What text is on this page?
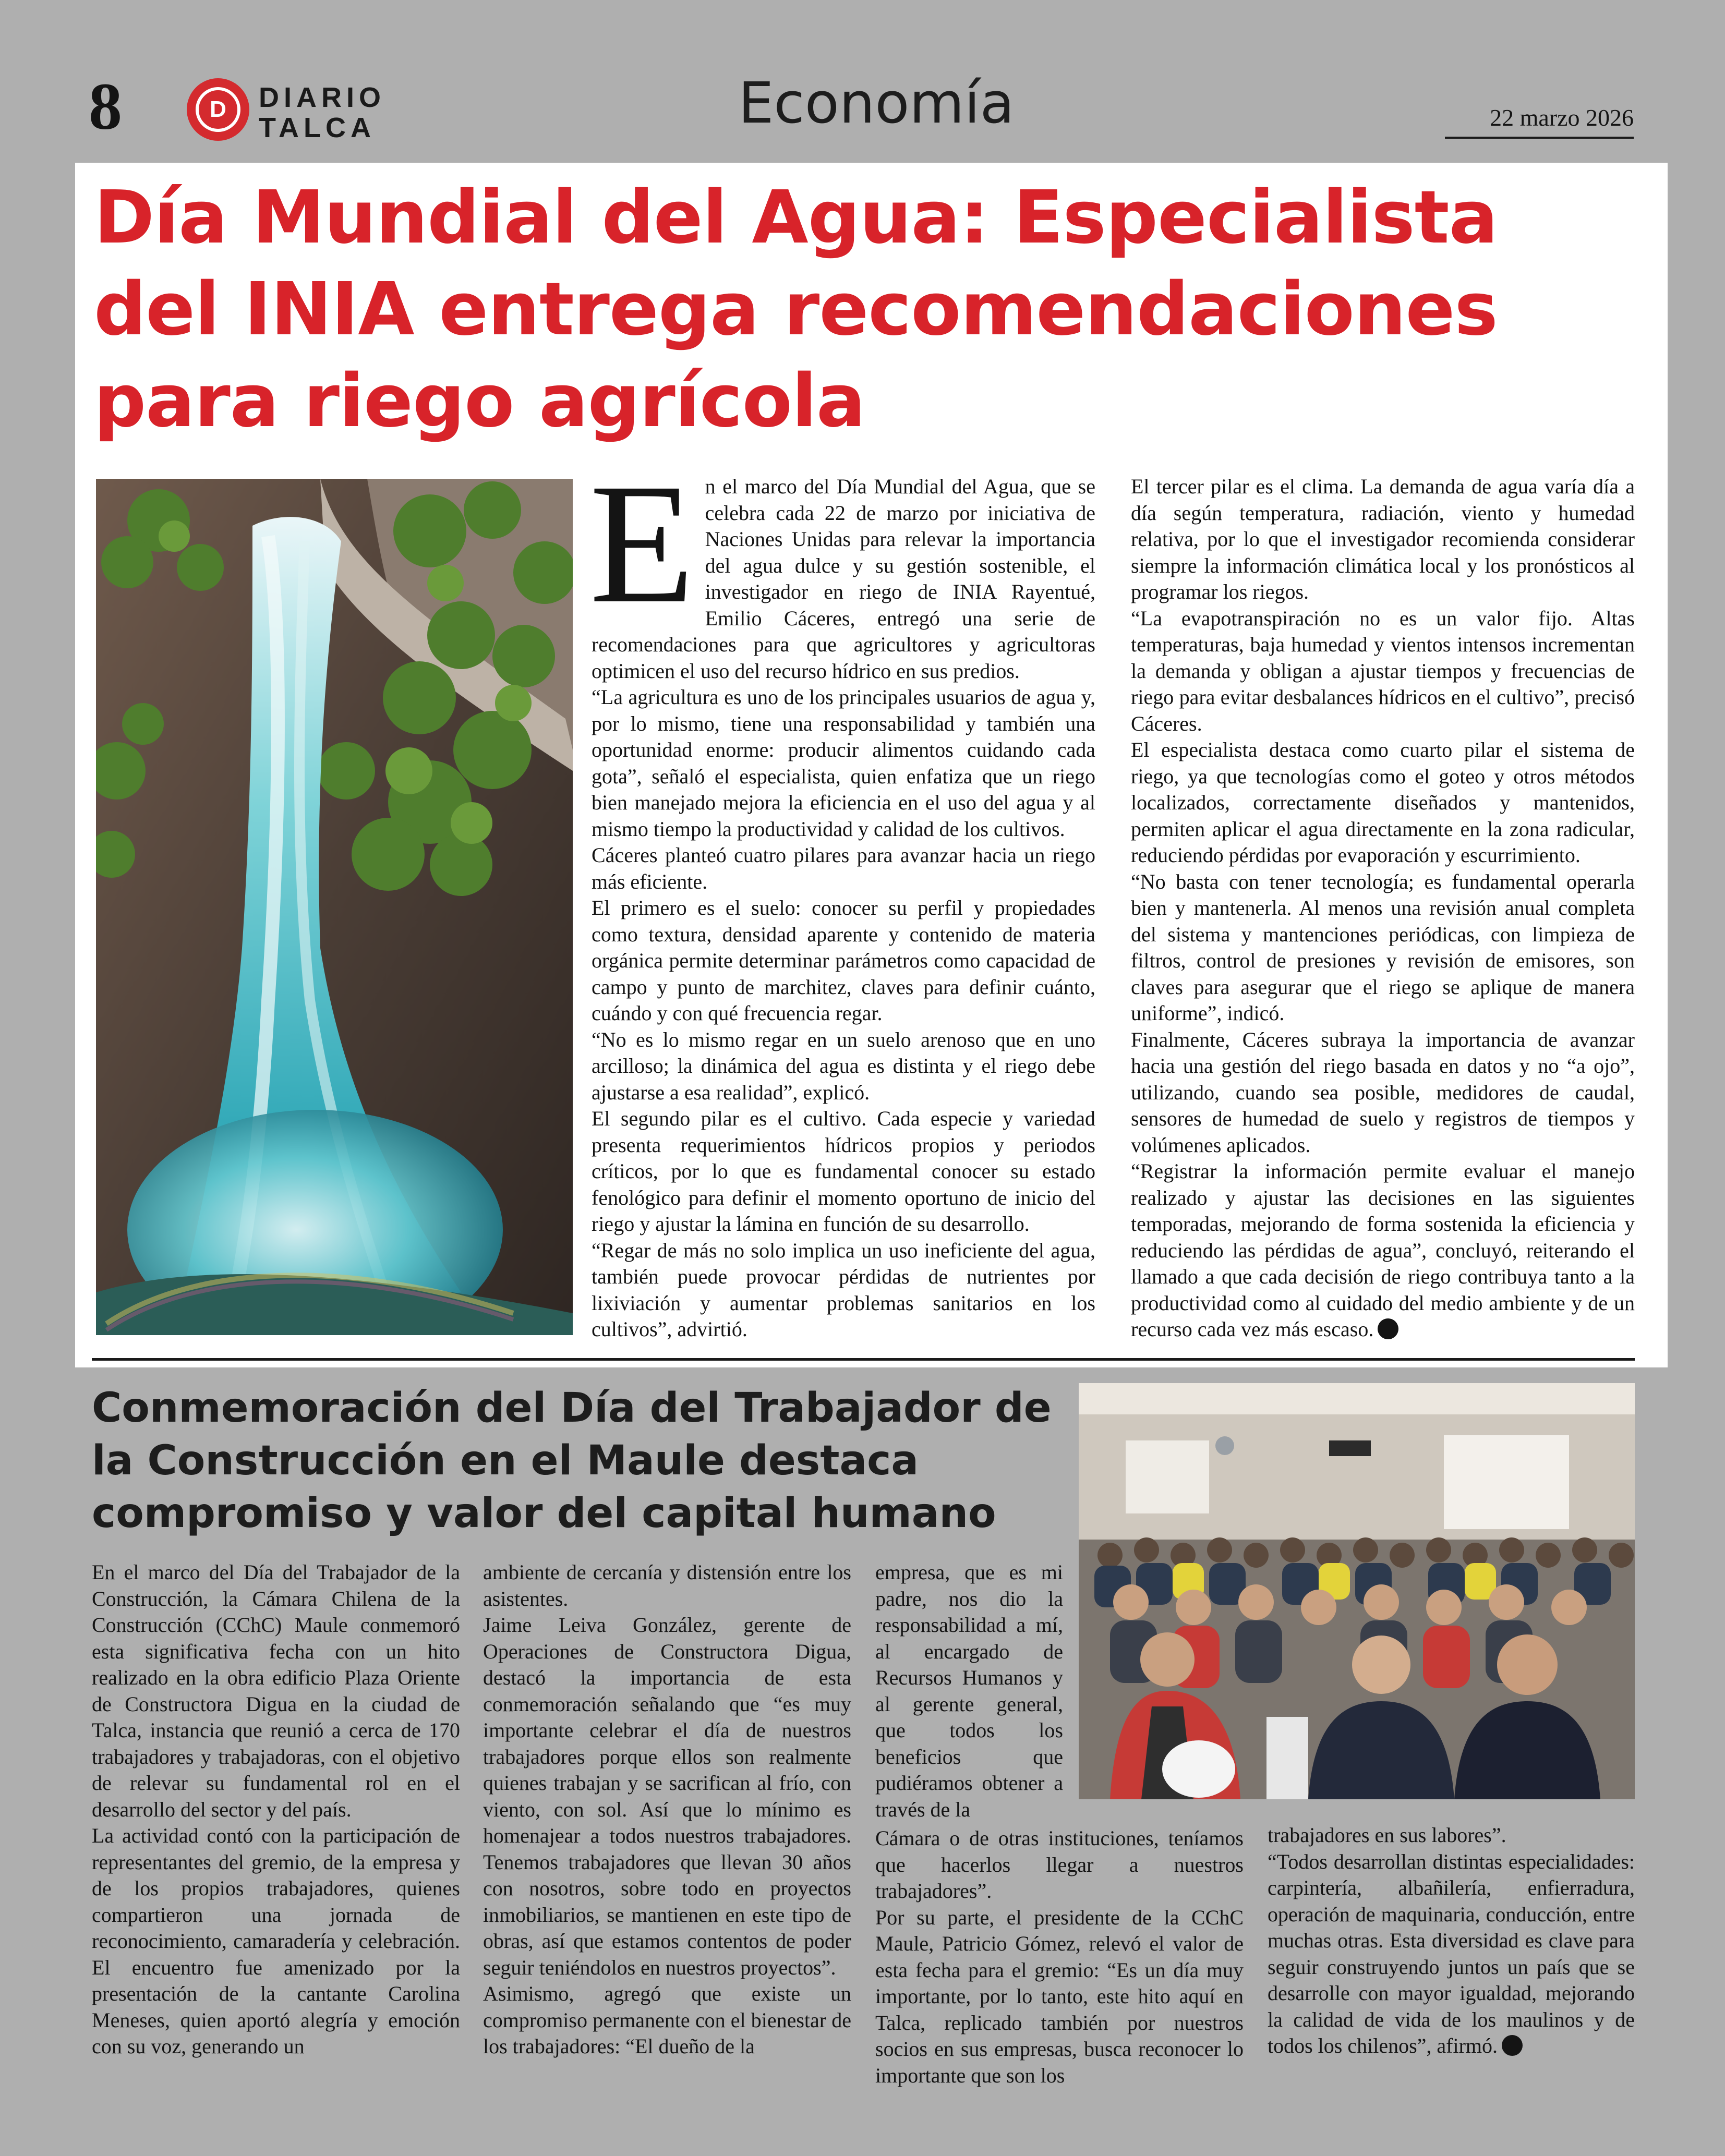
8	D	DIARIO
TALCA	Economía	22 marzo 2026
Día Mundial del Agua: Especialista del INIA entrega recomendaciones para riego agrícola

En el marco del Día Mundial del Agua, que se celebra cada 22 de marzo por iniciativa de Naciones Unidas para relevar la importancia del agua dulce y su gestión sostenible, el investigador en riego de INIA Rayentué, Emilio Cáceres, entregó una serie de recomendaciones para que agricultores y agricultoras optimicen el uso del recurso hídrico en sus predios.

“La agricultura es uno de los principales usuarios de agua y, por lo mismo, tiene una responsabilidad y también una oportunidad enorme: producir alimentos cuidando cada gota”, señaló el especialista, quien enfatiza que un riego bien manejado mejora la eficiencia en el uso del agua y al mismo tiempo la productividad y calidad de los cultivos.

Cáceres planteó cuatro pilares para avanzar hacia un riego más eficiente.

El primero es el suelo: conocer su perfil y propiedades como textura, densidad aparente y contenido de materia orgánica permite determinar parámetros como capacidad de campo y punto de marchitez, claves para definir cuánto, cuándo y con qué frecuencia regar.

“No es lo mismo regar en un suelo arenoso que en uno arcilloso; la dinámica del agua es distinta y el riego debe ajustarse a esa realidad”, explicó.

El segundo pilar es el cultivo. Cada especie y variedad presenta requerimientos hídricos propios y periodos críticos, por lo que es fundamental conocer su estado fenológico para definir el momento oportuno de inicio del riego y ajustar la lámina en función de su desarrollo.

“Regar de más no solo implica un uso ineficiente del agua, también puede provocar pérdidas de nutrientes por lixiviación y aumentar problemas sanitarios en los cultivos”, advirtió.

El tercer pilar es el clima. La demanda de agua varía día a día según temperatura, radiación, viento y humedad relativa, por lo que el investigador recomienda considerar siempre la información climática local y los pronósticos al programar los riegos.

“La evapotranspiración no es un valor fijo. Altas temperaturas, baja humedad y vientos intensos incrementan la demanda y obligan a ajustar tiempos y frecuencias de riego para evitar desbalances hídricos en el cultivo”, precisó Cáceres.

El especialista destaca como cuarto pilar el sistema de riego, ya que tecnologías como el goteo y otros métodos localizados, correctamente diseñados y mantenidos, permiten aplicar el agua directamente en la zona radicular, reduciendo pérdidas por evaporación y escurrimiento.

“No basta con tener tecnología; es fundamental operarla bien y mantenerla. Al menos una revisión anual completa del sistema y mantenciones periódicas, con limpieza de filtros, control de presiones y revisión de emisores, son claves para asegurar que el riego se aplique de manera uniforme”, indicó.

Finalmente, Cáceres subraya la importancia de avanzar hacia una gestión del riego basada en datos y no “a ojo”, utilizando, cuando sea posible, medidores de caudal, sensores de humedad de suelo y registros de tiempos y volúmenes aplicados.

“Registrar la información permite evaluar el manejo realizado y ajustar las decisiones en las siguientes temporadas, mejorando de forma sostenida la eficiencia y reduciendo las pérdidas de agua”, concluyó, reiterando el llamado a que cada decisión de riego contribuya tanto a la productividad como al cuidado del medio ambiente y de un recurso cada vez más escaso.

Conmemoración del Día del Trabajador de la Construcción en el Maule destaca compromiso y valor del capital humano

En el marco del Día del Trabajador de la Construcción, la Cámara Chilena de la Construcción (CChC) Maule conmemoró esta significativa fecha con un hito realizado en la obra edificio Plaza Oriente de Constructora Digua en la ciudad de Talca, instancia que reunió a cerca de 170 trabajadores y trabajadoras, con el objetivo de relevar su fundamental rol en el desarrollo del sector y del país.

La actividad contó con la participación de representantes del gremio, de la empresa y de los propios trabajadores, quienes compartieron una jornada de reconocimiento, camaradería y celebración. El encuentro fue amenizado por la presentación de la cantante Carolina Meneses, quien aportó alegría y emoción con su voz, generando un

ambiente de cercanía y distensión entre los asistentes.

Jaime Leiva González, gerente de Operaciones de Constructora Digua, destacó la importancia de esta conmemoración señalando que “es muy importante celebrar el día de nuestros trabajadores porque ellos son realmente quienes trabajan y se sacrifican al frío, con viento, con sol. Así que lo mínimo es homenajear a todos nuestros trabajadores. Tenemos trabajadores que llevan 30 años con nosotros, sobre todo en proyectos inmobiliarios, se mantienen en este tipo de obras, así que estamos contentos de poder seguir teniéndolos en nuestros proyectos”.

Asimismo, agregó que existe un compromiso permanente con el bienestar de los trabajadores: “El dueño de la

empresa, que es mi padre, nos dio la responsabilidad a mí, al encargado de Recursos Humanos y al gerente general, que todos los beneficios que pudiéramos obtener a través de la

Cámara o de otras instituciones, teníamos que hacerlos llegar a nuestros trabajadores”.

Por su parte, el presidente de la CChC Maule, Patricio Gómez, relevó el valor de esta fecha para el gremio: “Es un día muy importante, por lo tanto, este hito aquí en Talca, replicado también por nuestros socios en sus empresas, busca reconocer lo importante que son los

trabajadores en sus labores”.

“Todos desarrollan distintas especialidades: carpintería, albañilería, enfierradura, operación de maquinaria, conducción, entre muchas otras. Esta diversidad es clave para seguir construyendo juntos un país que se desarrolle con mayor igualdad, mejorando la calidad de vida de los maulinos y de todos los chilenos”, afirmó.
